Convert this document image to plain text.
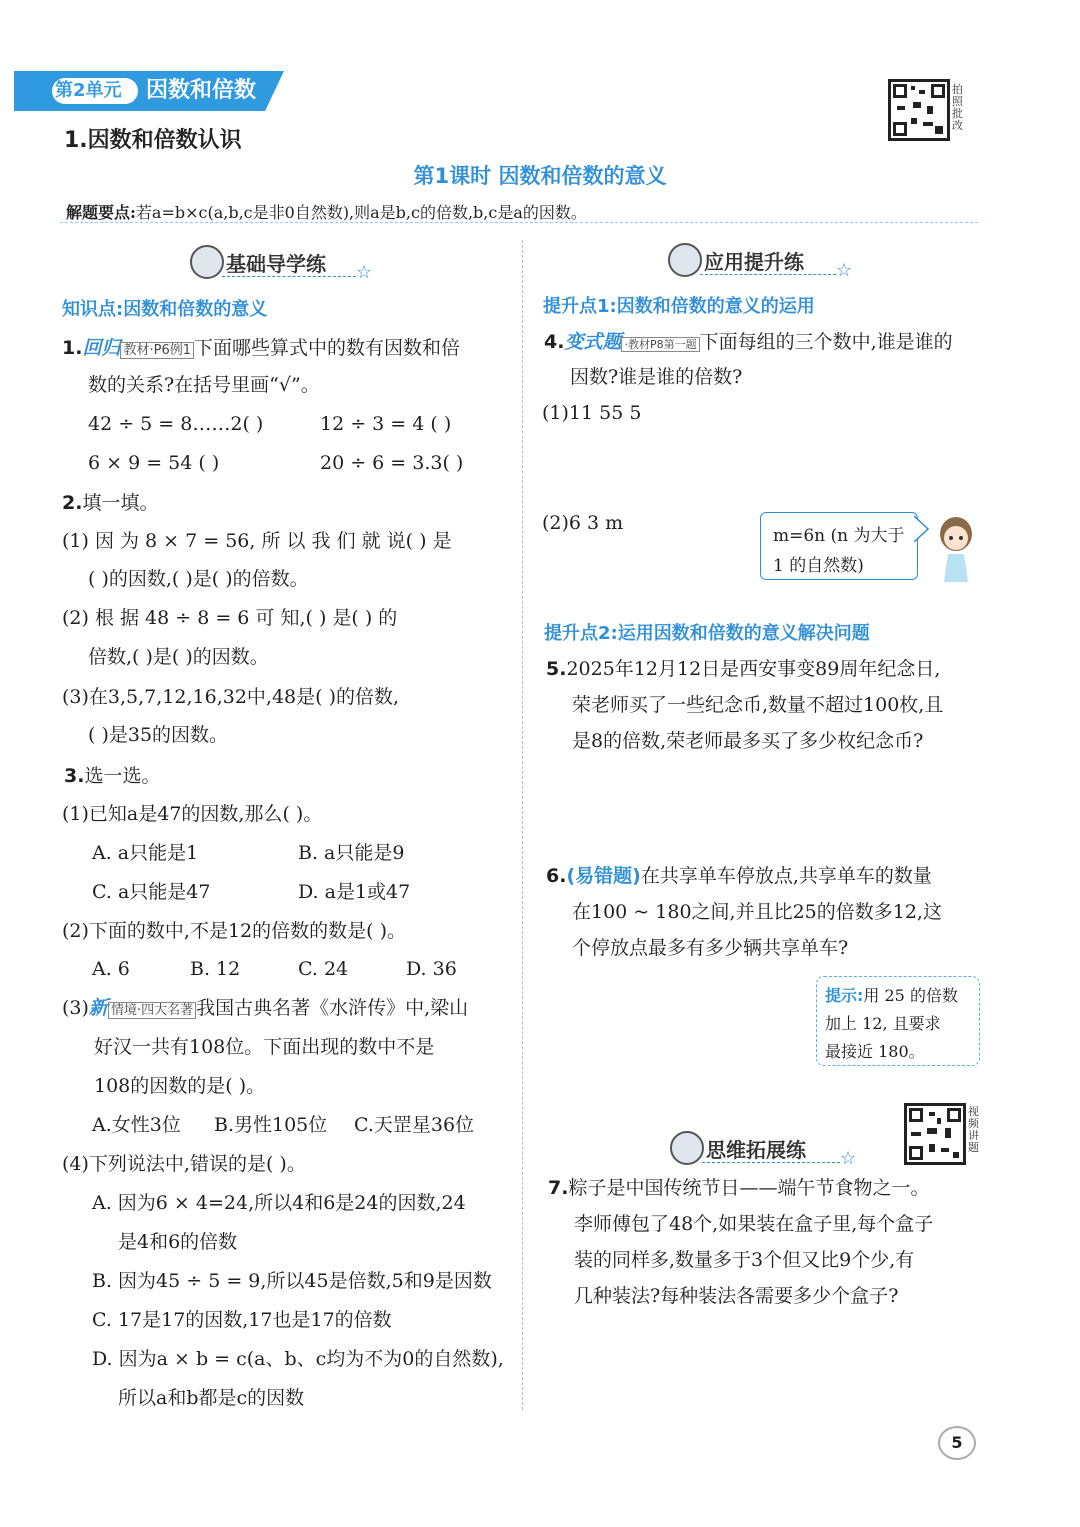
第2单元 因数和倍数
1.因数和倍数认识
拍照批改
第1课时 因数和倍数的意义
解题要点:若a=b×c(a,b,c是非0自然数),则a是b,c的倍数,b,c是a的因数。
基础导学练 ☆
知识点:因数和倍数的意义
1.回归 教材·P6例1 下面哪些算式中的数有因数和倍
数的关系?在括号里画“√”。
42 ÷ 5 = 8……2( )	12 ÷ 3 = 4 ( )
6 × 9 = 54 ( )	20 ÷ 6 = 3.3( )
2.填一填。
(1) 因 为 8 × 7 = 56, 所 以 我 们 就 说( ) 是
( )的因数,( )是( )的倍数。
(2) 根 据 48 ÷ 8 = 6 可 知,( ) 是( ) 的
倍数,( )是( )的因数。
(3)在3,5,7,12,16,32中,48是( )的倍数,
( )是35的因数。
3.选一选。
(1)已知a是47的因数,那么( )。
A. a只能是1	B. a只能是9
C. a只能是47	D. a是1或47
(2)下面的数中,不是12的倍数的数是( )。
A. 6	B. 12	C. 24	D. 36
(3)新 情境·四大名著 我国古典名著《水浒传》中,梁山
好汉一共有108位。下面出现的数中不是
108的因数的是( )。
A.女性3位 B.男性105位 C.天罡星36位
(4)下列说法中,错误的是( )。
A. 因为6 × 4=24,所以4和6是24的因数,24
是4和6的倍数
B. 因为45 ÷ 5 = 9,所以45是倍数,5和9是因数
C. 17是17的因数,17也是17的倍数
D. 因为a × b = c(a、b、c均为不为0的自然数),
所以a和b都是c的因数
应用提升练 ☆
提升点1:因数和倍数的意义的运用
4.变式题 ·教材P8第一题 下面每组的三个数中,谁是谁的
因数?谁是谁的倍数?
(1)11 55 5
(2)6 3 m
m=6n (n 为大于
1 的自然数)
提升点2:运用因数和倍数的意义解决问题
5.2025年12月12日是西安事变89周年纪念日,
荣老师买了一些纪念币,数量不超过100枚,且
是8的倍数,荣老师最多买了多少枚纪念币?
6.(易错题)在共享单车停放点,共享单车的数量
在100 ~ 180之间,并且比25的倍数多12,这
个停放点最多有多少辆共享单车?
提示:用 25 的倍数
加上 12, 且要求
最接近 180。
思维拓展练 ☆
视频讲题
7.粽子是中国传统节日——端午节食物之一。
李师傅包了48个,如果装在盒子里,每个盒子
装的同样多,数量多于3个但又比9个少,有
几种装法?每种装法各需要多少个盒子?
5
